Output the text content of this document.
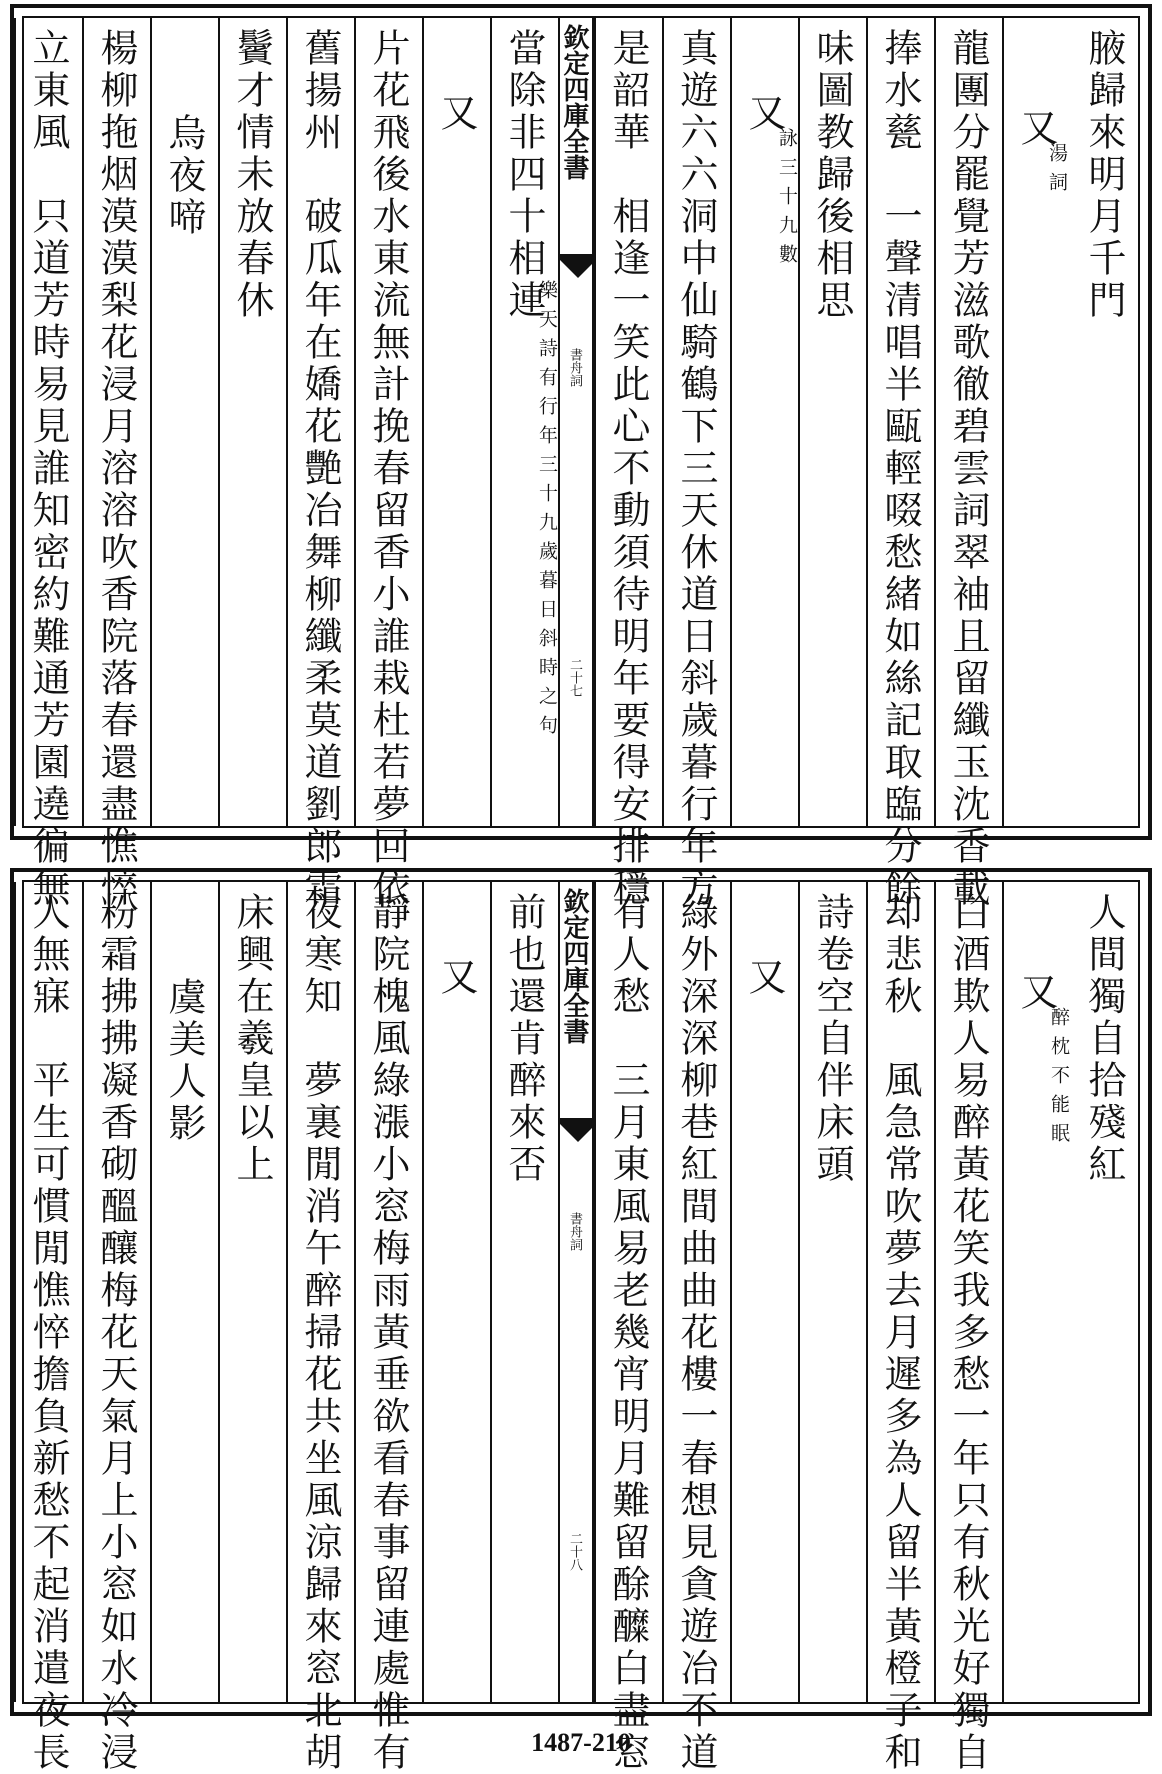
腋歸來明月千門
又
湯詞
龍團分罷覺芳滋歌徹碧雲詞翠袖且留纖玉沈香載
捧水甆　一聲清唱半甌輕啜愁緒如絲記取臨分餘
味圖教歸後相思
又
詠三十九數
真遊六六洞中仙騎鶴下三天休道日斜歲暮行年方
是韶華　相逢一笑此心不動須待明年要得安排穩
欽定四庫全書
書舟詞
二十七
當除非四十相連
樂天詩有行年三十九歲暮日斜時之句
又
片花飛後水東流無計挽春留香小誰栽杜若夢回依
舊揚州　破瓜年在嬌花艷冶舞柳纖柔莫道劉郎霜
鬢才情未放春休
烏夜啼
楊柳拖烟漠漠梨花浸月溶溶吹香院落春還盡憔悴
立東風　只道芳時易見誰知密約難通芳園遶徧無
人間獨自拾殘紅
又
醉枕不能眠
白酒欺人易醉黃花笑我多愁一年只有秋光好獨自
却悲秋　風急常吹夢去月遲多為人留半黃橙子和
詩卷空自伴床頭
又
綠外深深柳巷紅間曲曲花樓一春想見貪遊冶不道
有人愁　三月東風易老幾宵明月難留酴醾白盡窓
欽定四庫全書
書舟詞
二十八
前也還肯醉來否
又
靜院槐風綠漲小窓梅雨黃垂欲看春事留連處惟有
夜寒知　夢裏閒消午醉掃花共坐風涼歸來窓北胡
床興在羲皇以上
虞美人影
粉霜拂拂凝香砌醞釀梅花天氣月上小窓如水冷浸
人無寐　平生可慣閒憔悴擔負新愁不起消遣夜長	1487-210
